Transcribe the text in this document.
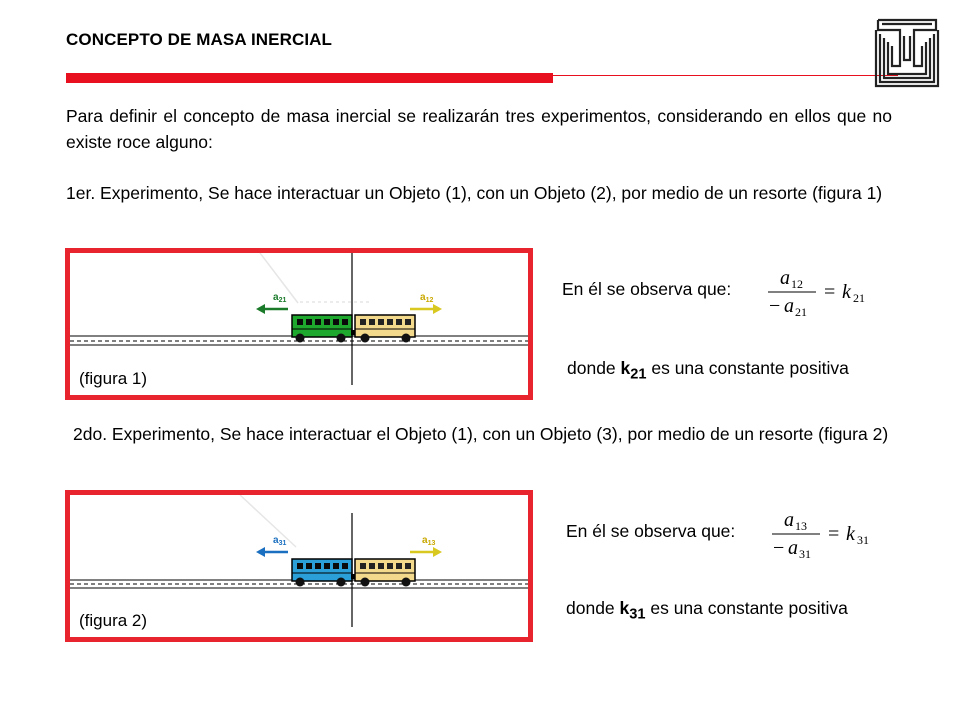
CONCEPTO DE MASA INERCIAL
Para definir el concepto de masa inercial se realizarán tres experimentos, considerando en ellos que no existe roce alguno:
1er. Experimento, Se hace interactuar un Objeto (1), con un Objeto (2), por medio de un resorte (figura 1)
$a_{21}$	$a_{12}$
(figura 1)
En él se observa que: a 12
− a 21
= k 21
donde $k_{21}$ es una constante positiva
2do. Experimento, Se hace interactuar el Objeto (1), con un Objeto (3), por medio de un resorte (figura 2)
$a_{31}$	$a_{13}$
(figura 2)
En él se observa que: a 13
− a 31
= k 31
donde $k_{31}$ es una constante positiva
